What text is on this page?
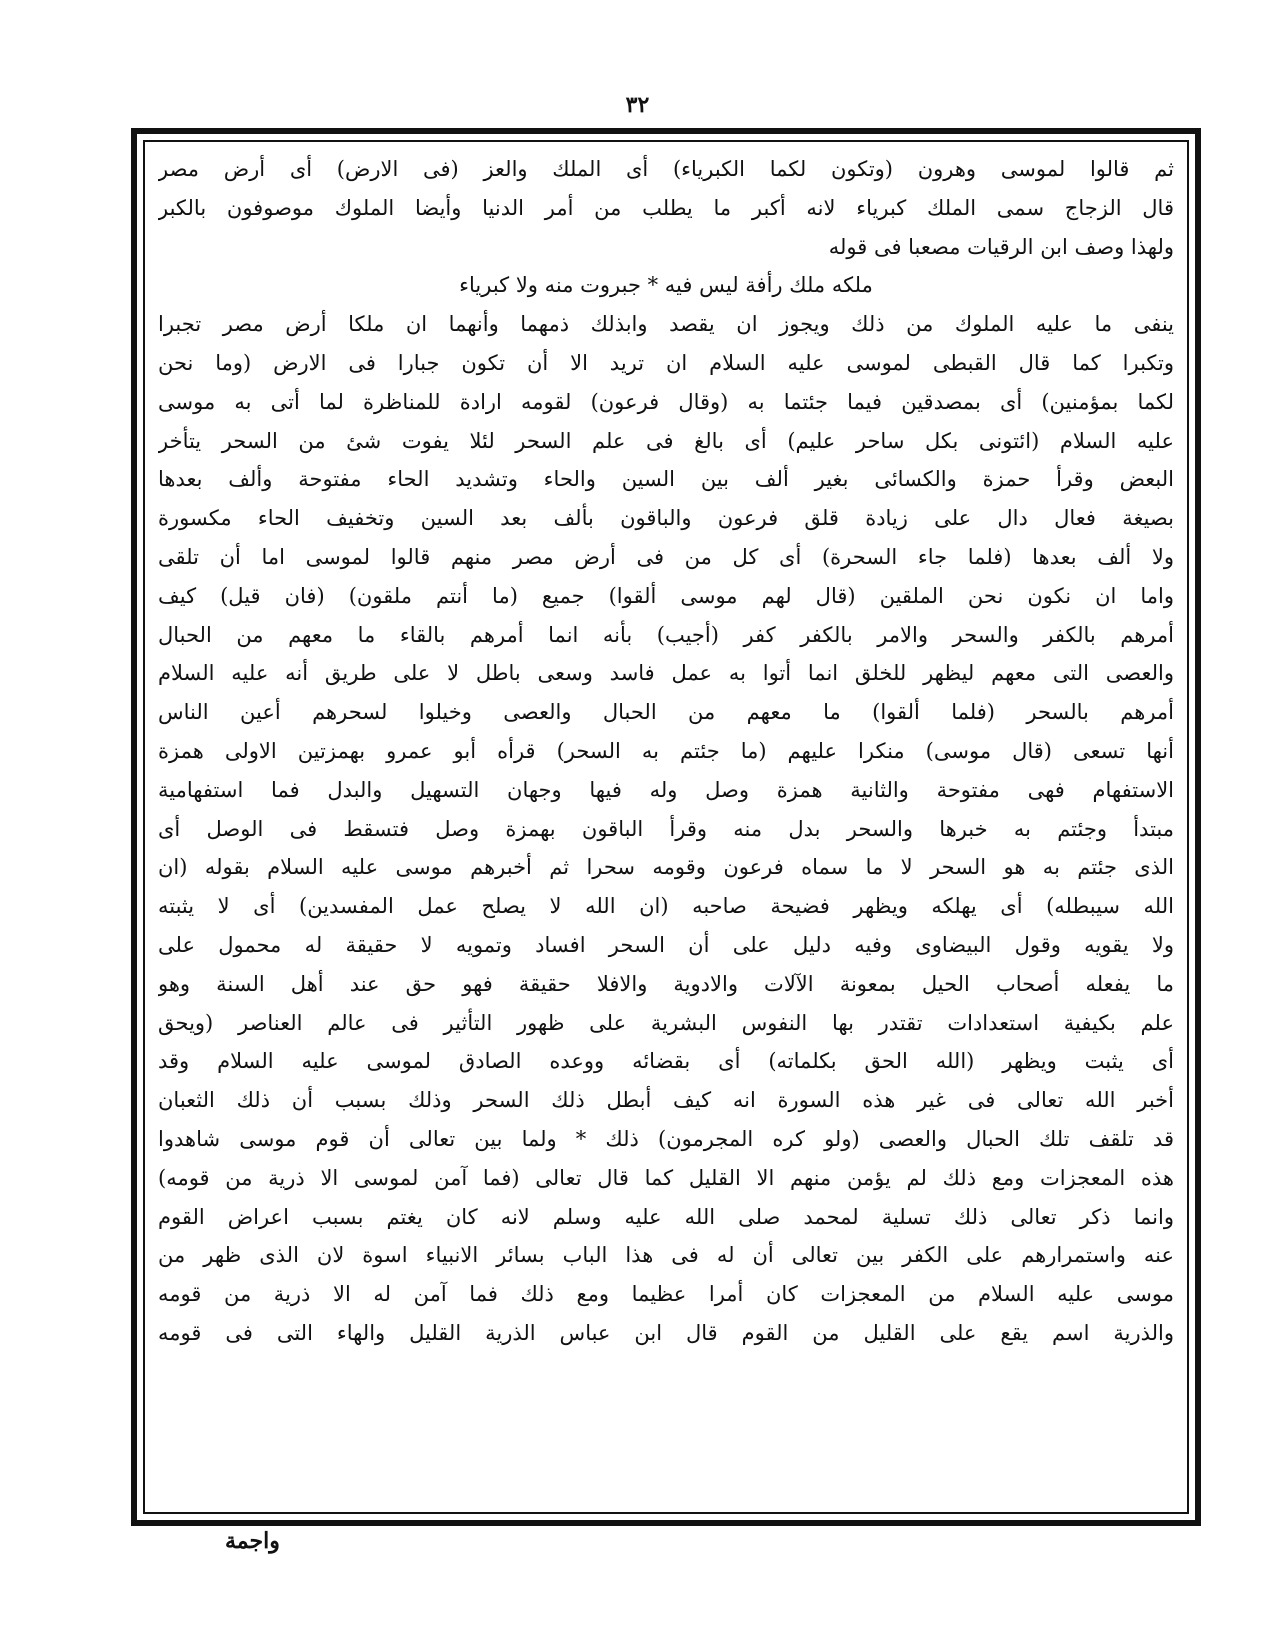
٣٢
ثم قالوا لموسى وهرون (وتكون لكما الكبرياء) أى الملك والعز (فى الارض) أى أرض مصر
قال الزجاج سمى الملك كبرياء لانه أكبر ما يطلب من أمر الدنيا وأيضا الملوك موصوفون بالكبر
ولهذا وصف ابن الرقيات مصعبا فى قوله
ملكه ملك رأفة ليس فيه * جبروت منه ولا كبرياء
ينفى ما عليه الملوك من ذلك ويجوز ان يقصد وابذلك ذمهما وأنهما ان ملكا أرض مصر تجبرا
وتكبرا كما قال القبطى لموسى عليه السلام ان تريد الا أن تكون جبارا فى الارض (وما نحن
لكما بمؤمنين) أى بمصدقين فيما جئتما به (وقال فرعون) لقومه ارادة للمناظرة لما أتى به موسى
عليه السلام (ائتونى بكل ساحر عليم) أى بالغ فى علم السحر لئلا يفوت شئ من السحر يتأخر
البعض وقرأ حمزة والكسائى بغير ألف بين السين والحاء وتشديد الحاء مفتوحة وألف بعدها
بصيغة فعال دال على زيادة قلق فرعون والباقون بألف بعد السين وتخفيف الحاء مكسورة
ولا ألف بعدها (فلما جاء السحرة) أى كل من فى أرض مصر منهم قالوا لموسى اما أن تلقى
واما ان نكون نحن الملقين (قال لهم موسى ألقوا) جميع (ما أنتم ملقون) (فان قيل) كيف
أمرهم بالكفر والسحر والامر بالكفر كفر (أجيب) بأنه انما أمرهم بالقاء ما معهم من الحبال
والعصى التى معهم ليظهر للخلق انما أتوا به عمل فاسد وسعى باطل لا على طريق أنه عليه السلام
أمرهم بالسحر (فلما ألقوا) ما معهم من الحبال والعصى وخيلوا لسحرهم أعين الناس
أنها تسعى (قال موسى) منكرا عليهم (ما جئتم به السحر) قرأه أبو عمرو بهمزتين الاولى همزة
الاستفهام فهى مفتوحة والثانية همزة وصل وله فيها وجهان التسهيل والبدل فما استفهامية
مبتدأ وجئتم به خبرها والسحر بدل منه وقرأ الباقون بهمزة وصل فتسقط فى الوصل أى
الذى جئتم به هو السحر لا ما سماه فرعون وقومه سحرا ثم أخبرهم موسى عليه السلام بقوله (ان
الله سيبطله) أى يهلكه ويظهر فضيحة صاحبه (ان الله لا يصلح عمل المفسدين) أى لا يثبته
ولا يقويه وقول البيضاوى وفيه دليل على أن السحر افساد وتمويه لا حقيقة له محمول على
ما يفعله أصحاب الحيل بمعونة الآلات والادوية والافلا حقيقة فهو حق عند أهل السنة وهو
علم بكيفية استعدادات تقتدر بها النفوس البشرية على ظهور التأثير فى عالم العناصر (ويحق
أى يثبت ويظهر (الله الحق بكلماته) أى بقضائه ووعده الصادق لموسى عليه السلام وقد
أخبر الله تعالى فى غير هذه السورة انه كيف أبطل ذلك السحر وذلك بسبب أن ذلك الثعبان
قد تلقف تلك الحبال والعصى (ولو كره المجرمون) ذلك * ولما بين تعالى أن قوم موسى شاهدوا
هذه المعجزات ومع ذلك لم يؤمن منهم الا القليل كما قال تعالى (فما آمن لموسى الا ذرية من قومه)
وانما ذكر تعالى ذلك تسلية لمحمد صلى الله عليه وسلم لانه كان يغتم بسبب اعراض القوم
عنه واستمرارهم على الكفر بين تعالى أن له فى هذا الباب بسائر الانبياء اسوة لان الذى ظهر من
موسى عليه السلام من المعجزات كان أمرا عظيما ومع ذلك فما آمن له الا ذرية من قومه
والذرية اسم يقع على القليل من القوم قال ابن عباس الذرية القليل والهاء التى فى قومه
واجمة
